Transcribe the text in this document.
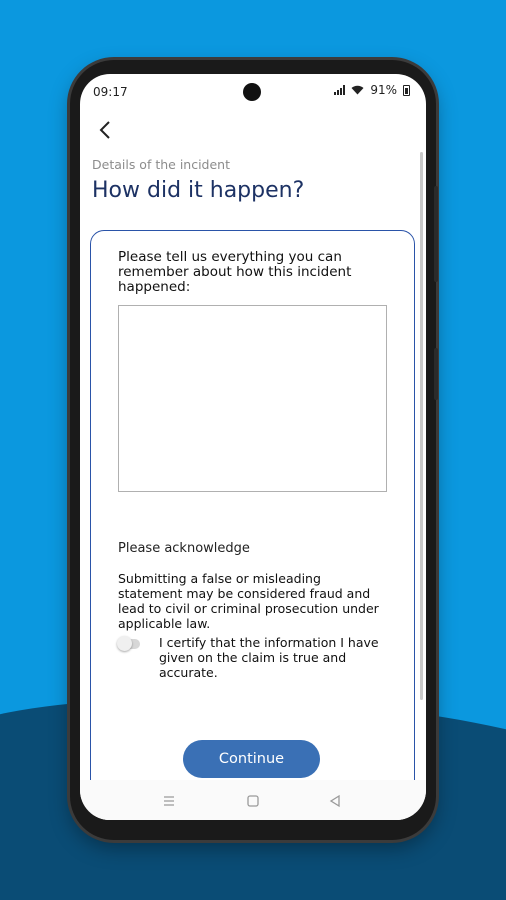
09:17	91%
Details of the incident
How did it happen?
Please tell us everything you can remember about how this incident happened:
Please acknowledge
Submitting a false or misleading statement may be considered fraud and lead to civil or criminal prosecution under applicable law.
I certify that the information I have given on the claim is true and accurate.
Continue
